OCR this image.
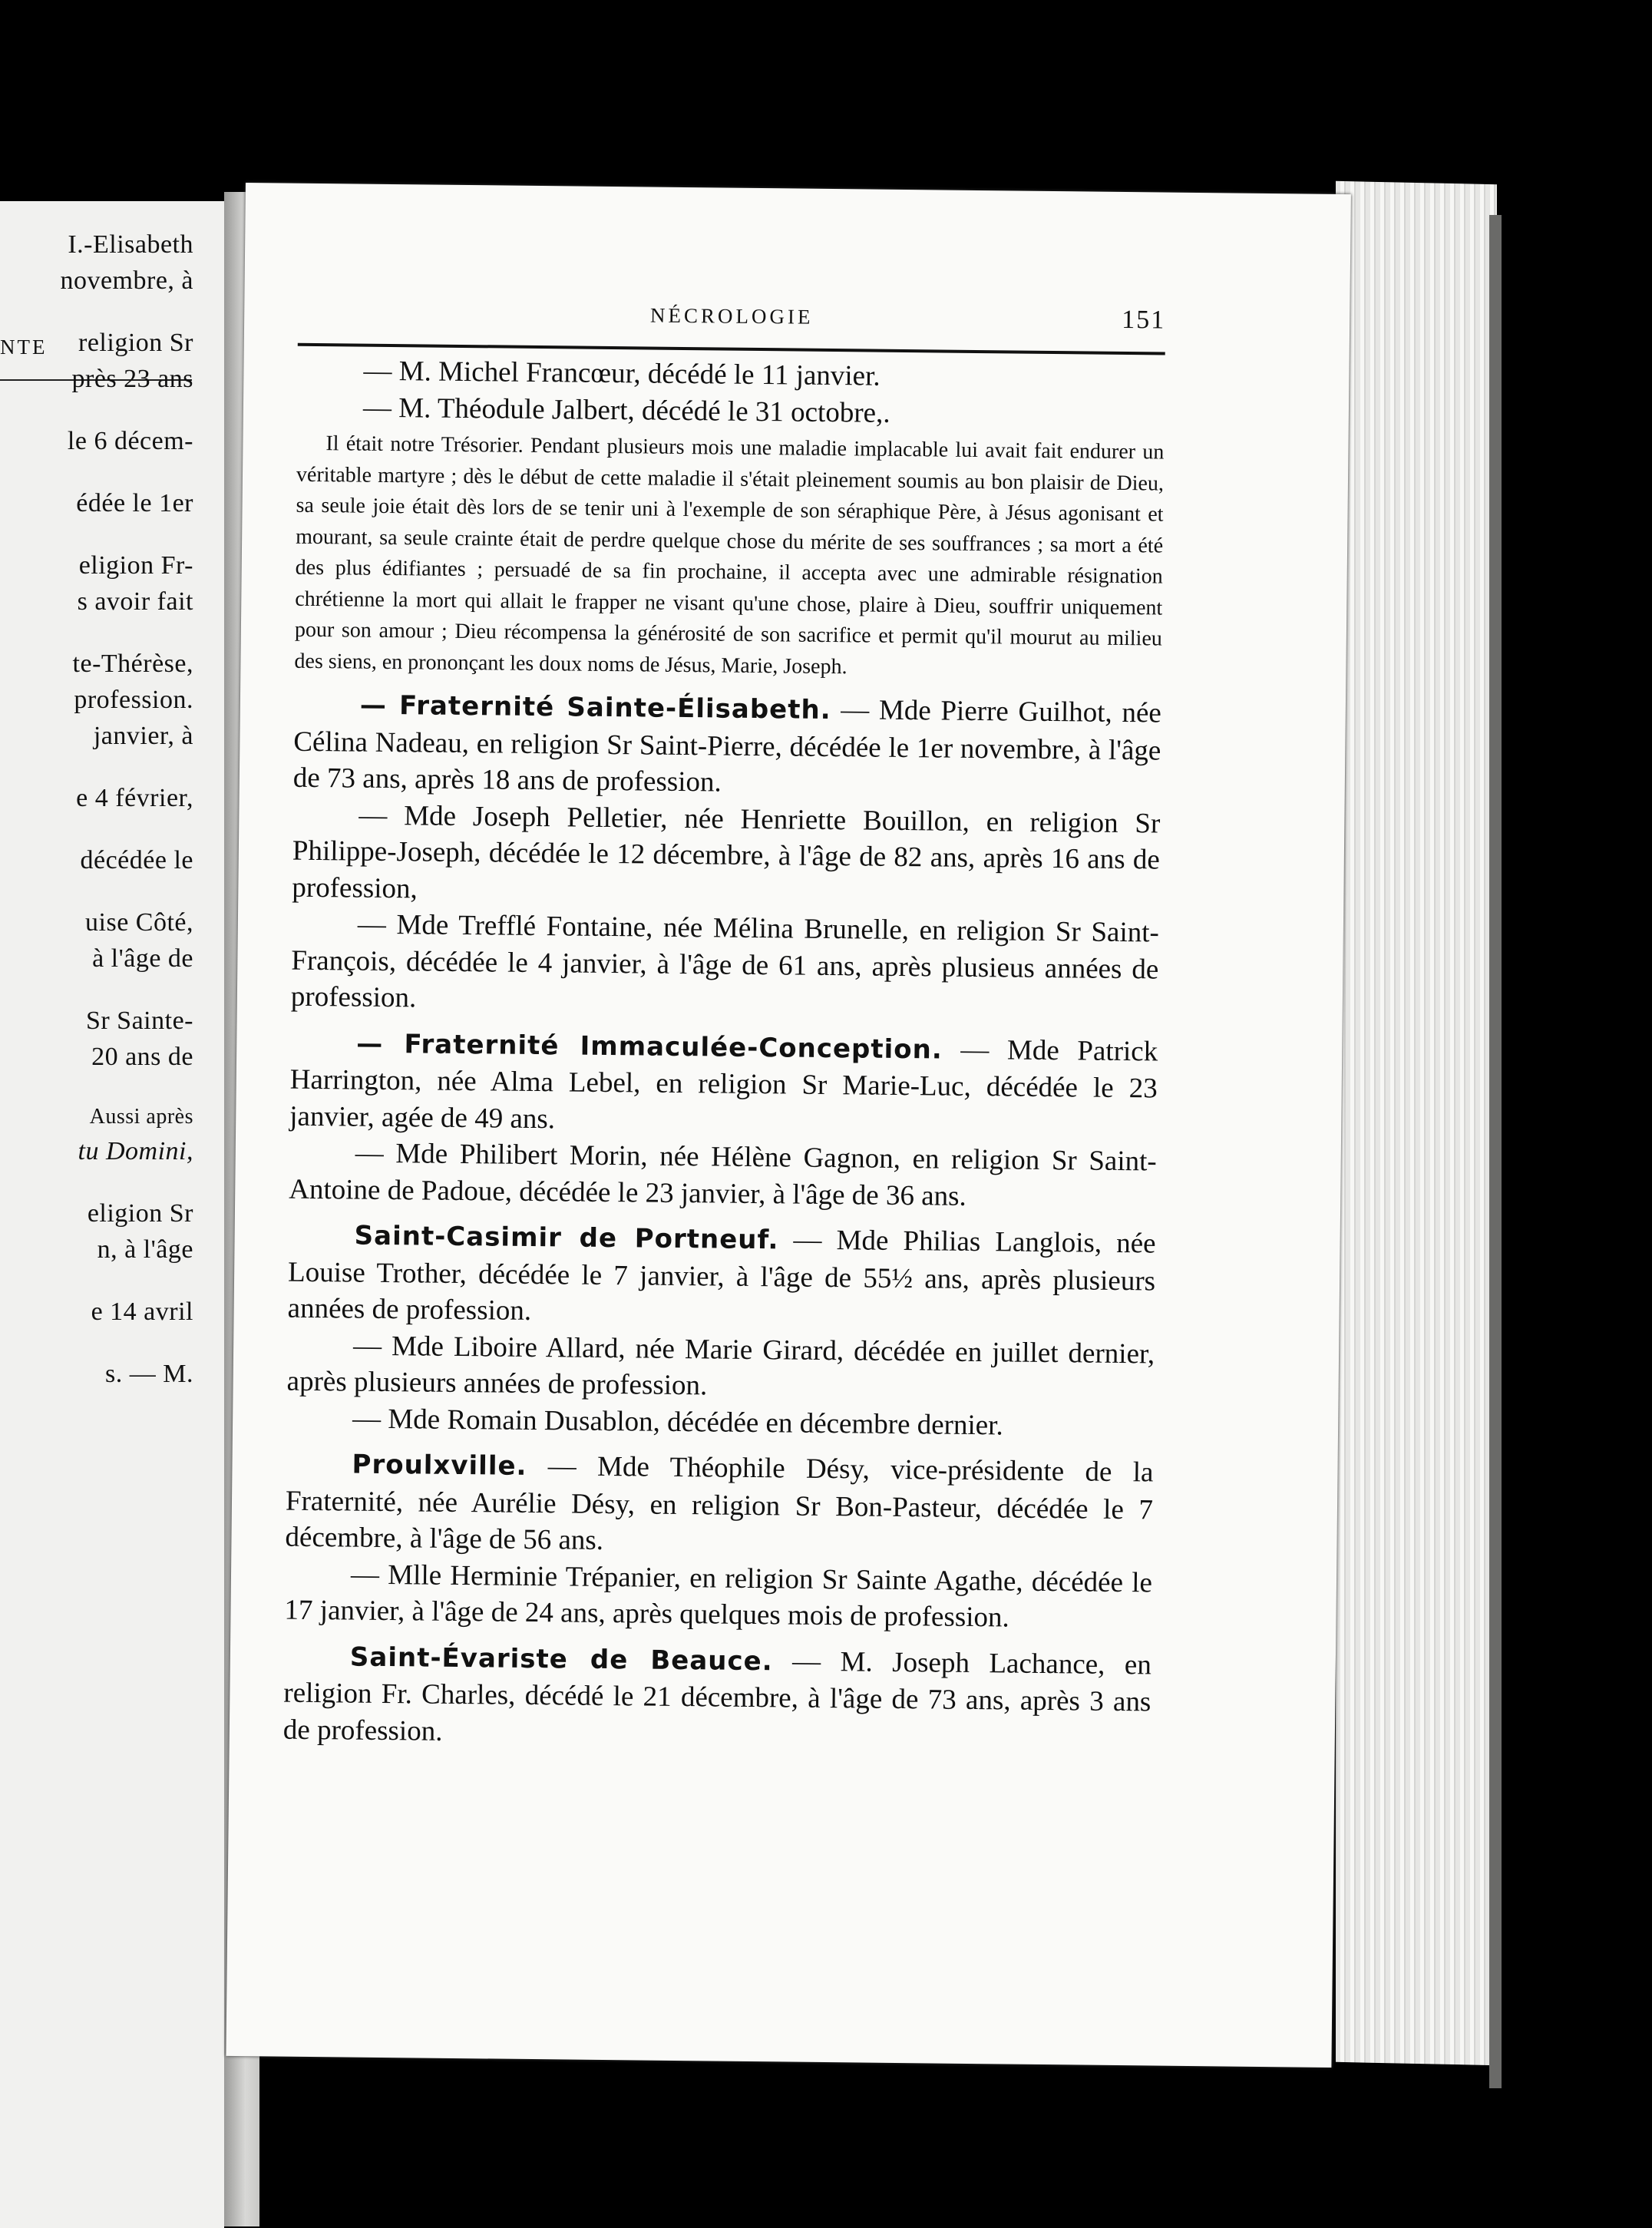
NTE
I.-Elisabeth
novembre, à
religion Sr
près 23 ans
le 6 décem-
édée le 1er
eligion Fr-
s avoir fait
te-Thérèse,
profession.
janvier, à
e 4 février,
décédée le
uise Côté,
à l'âge de
Sr Sainte-
20 ans de
Aussi après
tu Domini,
eligion Sr
n, à l'âge
e 14 avril
s. — M.
NÉCROLOGIE	151

— M. Michel Francœur, décédé le 11 janvier.

— M. Théodule Jalbert, décédé le 31 octobre,.

Il était notre Trésorier. Pendant plusieurs mois une maladie implacable lui avait fait endurer un véritable martyre ; dès le début de cette maladie il s'était pleinement soumis au bon plaisir de Dieu, sa seule joie était dès lors de se tenir uni à l'exemple de son séraphique Père, à Jésus agonisant et mourant, sa seule crainte était de perdre quelque chose du mérite de ses souffrances ; sa mort a été des plus édifiantes ; persuadé de sa fin prochaine, il accepta avec une admirable résignation chrétienne la mort qui allait le frapper ne visant qu'une chose, plaire à Dieu, souffrir uniquement pour son amour ; Dieu récompensa la générosité de son sacrifice et permit qu'il mourut au milieu des siens, en prononçant les doux noms de Jésus, Marie, Joseph.

— Fraternité Sainte-Élisabeth. — Mde Pierre Guilhot, née Célina Nadeau, en religion Sr Saint-Pierre, décédée le 1er novembre, à l'âge de 73 ans, après 18 ans de profession.

— Mde Joseph Pelletier, née Henriette Bouillon, en religion Sr Philippe-Joseph, décédée le 12 décembre, à l'âge de 82 ans, après 16 ans de profession,

— Mde Trefflé Fontaine, née Mélina Brunelle, en religion Sr Saint-François, décédée le 4 janvier, à l'âge de 61 ans, après plusieus années de profession.

— Fraternité Immaculée-Conception. — Mde Patrick Harrington, née Alma Lebel, en religion Sr Marie-Luc, décédée le 23 janvier, agée de 49 ans.

— Mde Philibert Morin, née Hélène Gagnon, en religion Sr Saint-Antoine de Padoue, décédée le 23 janvier, à l'âge de 36 ans.

Saint-Casimir de Portneuf. — Mde Philias Langlois, née Louise Trother, décédée le 7 janvier, à l'âge de 55½ ans, après plusieurs années de profession.

— Mde Liboire Allard, née Marie Girard, décédée en juillet dernier, après plusieurs années de profession.

— Mde Romain Dusablon, décédée en décembre dernier.

Proulxville. — Mde Théophile Désy, vice-présidente de la Fraternité, née Aurélie Désy, en religion Sr Bon-Pasteur, décédée le 7 décembre, à l'âge de 56 ans.

— Mlle Herminie Trépanier, en religion Sr Sainte Agathe, décédée le 17 janvier, à l'âge de 24 ans, après quelques mois de profession.

Saint-Évariste de Beauce. — M. Joseph Lachance, en religion Fr. Charles, décédé le 21 décembre, à l'âge de 73 ans, après 3 ans de profession.
